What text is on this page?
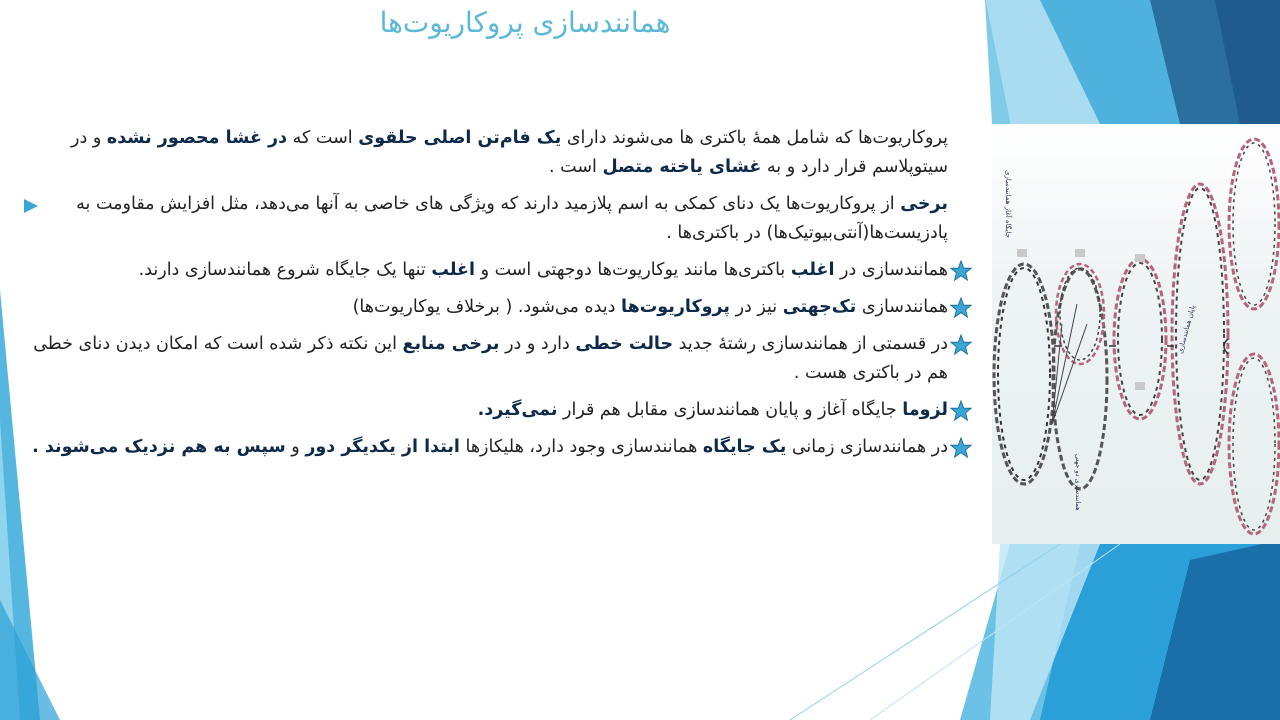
همانندسازی پروکاریوت‌ها
پروکاریوت‌ها که شامل همهٔ باکتری ها می‌شوند دارای یک فام‌تن اصلی حلقوی است که در غشا محصور نشده و در سیتوپلاسم قرار دارد و به غشای یاخته متصل است .
برخی از پروکاریوت‌ها یک دنای کمکی به اسم پلازمید دارند که ویژگی های خاصی به آنها می‌دهد، مثل افزایش مقاومت به پادزیست‌ها(آنتی‌بیوتیک‌ها) در باکتری‌ها .
همانندسازی در اغلب باکتری‌ها مانند یوکاریوت‌ها دوجهتی است و اغلب تنها یک جایگاه شروع همانندسازی دارند.
همانندسازی تک‌جهتی نیز در پروکاریوت‌ها دیده می‌شود. ( برخلاف یوکاریوت‌ها)
در قسمتی از همانندسازی رشتهٔ جدید حالت خطی دارد و در برخی منابع این نکته ذکر شده است که امکان دیدن دنای خطی هم در باکتری هست .
لزوما جایگاه آغاز و پایان همانندسازی مقابل هم قرار نمی‌گیرد.
در همانندسازی زمانی یک جایگاه همانندسازی وجود دارد، هلیکازها ابتدا از یکدیگر دور و سپس به هم نزدیک می‌شوند .
جایگاه آغاز همانندسازی
پایان همانندسازی
همانندسازی دو جهتی
